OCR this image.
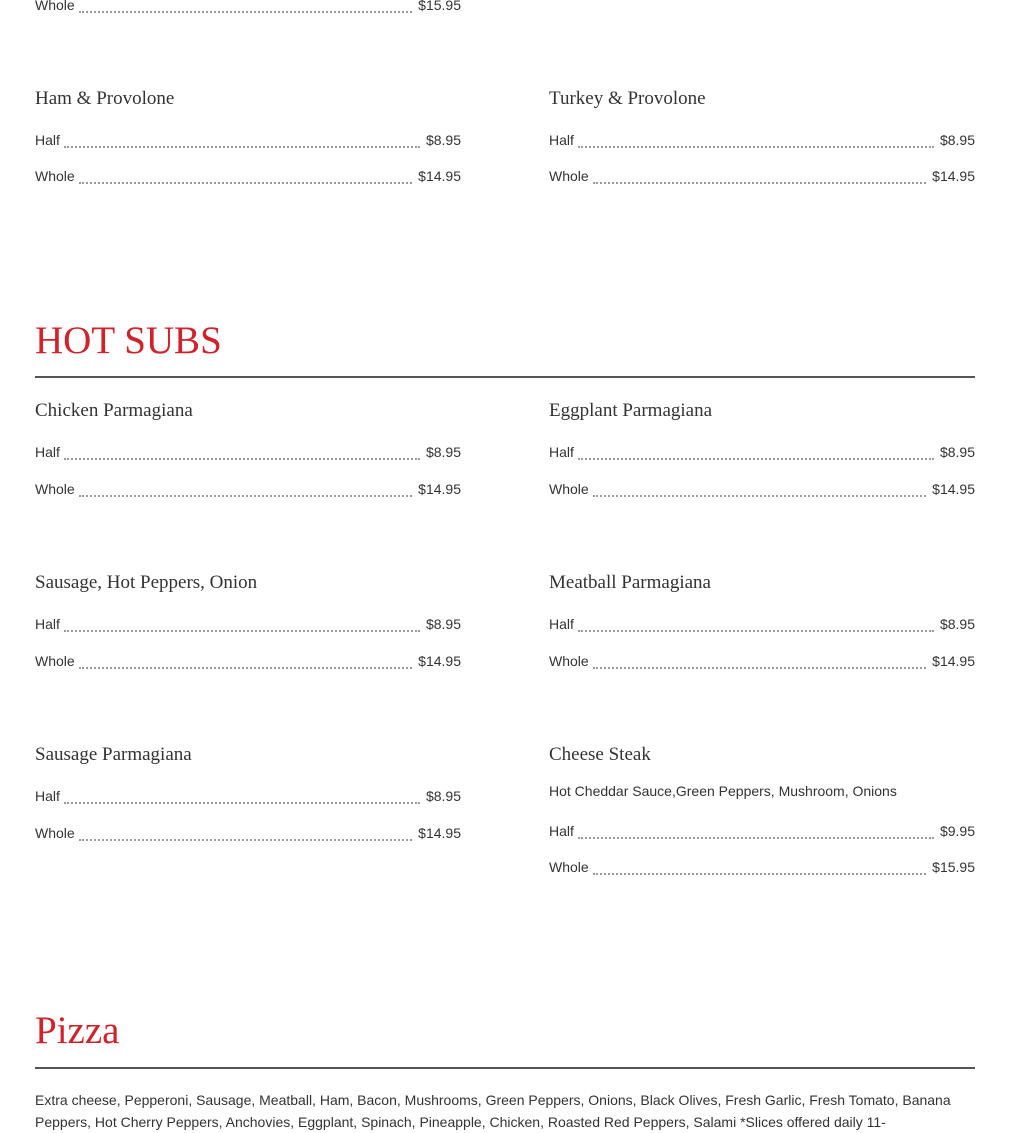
Whole	$15.95
Ham & Provolone
Half	$8.95
Whole	$14.95
Turkey & Provolone
Half	$8.95
Whole	$14.95
HOT SUBS
Chicken Parmagiana
Half	$8.95
Whole	$14.95
Eggplant Parmagiana
Half	$8.95
Whole	$14.95
Sausage, Hot Peppers, Onion
Half	$8.95
Whole	$14.95
Meatball Parmagiana
Half	$8.95
Whole	$14.95
Sausage Parmagiana
Half	$8.95
Whole	$14.95
Cheese Steak
Hot Cheddar Sauce,Green Peppers, Mushroom, Onions
Half	$9.95
Whole	$15.95
Pizza
Extra cheese, Pepperoni, Sausage, Meatball, Ham, Bacon, Mushrooms, Green Peppers, Onions, Black Olives, Fresh Garlic, Fresh Tomato, Banana Peppers, Hot Cherry Peppers, Anchovies, Eggplant, Spinach, Pineapple, Chicken, Roasted Red Peppers, Salami *Slices offered daily 11-
